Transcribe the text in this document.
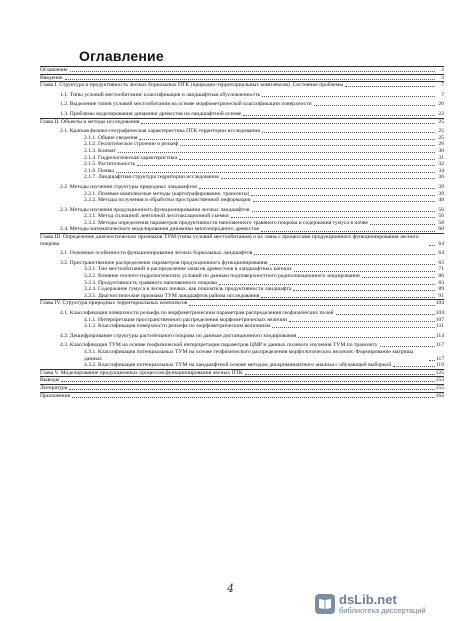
Оглавление
Оглавление	2
Введение	3
Глава I. Структура и продуктивность лесных бореальных ПТК (природно-территориальных комплексов). Состояние проблемы	7
1.1. Типы условий местообитания: классификация и ландшафтная обусловленность	7
1.2. Выделение типов условий местообитания на основе морфометрической классификации поверхности	20
1.3. Проблемы моделирования динамики древостоя на ландшафтной основе	22
Глава II. Объекты и методы исследования	25
2.1. Краткая физико-географическая характеристика ПТК территории исследования	25
2.1.1. Общие сведения	25
2.1.2. Геологическое строение и рельеф	26
2.1.3. Климат	30
2.1.4. Гидрологическая характеристика	31
2.1.5. Растительность	32
2.1.6. Почвы	34
2.1.7. Ландшафтная структура территории исследования	36
2.2. Методы изучения структуры природных ландшафтов	39
2.2.1. Полевые комплексные методы (картографирование, трансекты)	39
2.2.2. Методы получения и обработки пространственной информации	48
2.3. Методы изучения продукционного функционирования лесных ландшафтов	56
2.3.1. Метод сплошной ленточной лесотаксационной съемки	56
2.3.2. Методы определения параметров продуктивности напочвенного травяного покрова и содержания гумуса в почве	58
2.4. Методы математического моделирования динамики многопородного древостоя	60
Глава III. Определение диагностических признаков ТУМ (типы условий местообитания) и их связь с процессами продукционного функционирования лесного покрова	64
3.1. Основные особенности функционирования лесных бореальных ландшафтов	64
3.2. Пространственное распределение параметров продукционного функционирования	65
3.2.1. Тип местообитаний и распределение запасов древостоев в ландшафтных катенах	71
3.2.2. Влияние геолого-гидрологических условий по данным подповерхностного радиолокационного зондирования	80
3.2.3. Продуктивность травяного напочвенного покрова	83
3.2.4. Содержание гумуса в лесных почвах, как показатель продуктивности ландшафта	89
3.2.5. Диагностические признаки ТУМ ландшафтов района исследования	91
Глава IV. Структура природных территориальных комплексов	104
4.1. Классификация поверхности рельефа по морфометрическим параметрам распределения геофизических полей	104
4.1.1. Интерпретация пространственного распределения морфометрических величин	107
4.1.2. Классификация поверхности рельефа по морфометрическим величинам	111
4.2. Дешифрирование структуры растительного покрова по данным дистанционного зондирования	114
4.3. Классификация ТУМ на основе геофизической интерпретации параметров ЦМР и данных полевого изучения ТУМ по трансекту	117
4.3.1. Классификация потенциальных ТУМ на основе геофизического распределения морфологических величин. Формирование матрицы данных	117
4.3.2. Классификация потенциальных ТУМ на ландшафтной основе методом дискриминантного анализа с обучающей выборкой	119
Глава V. Моделирование продукционных процессов функционирования лесных ПТК	125
Выводы	153
Литература	155
Приложения	162
4
dsLib.net
библиотека диссертаций
